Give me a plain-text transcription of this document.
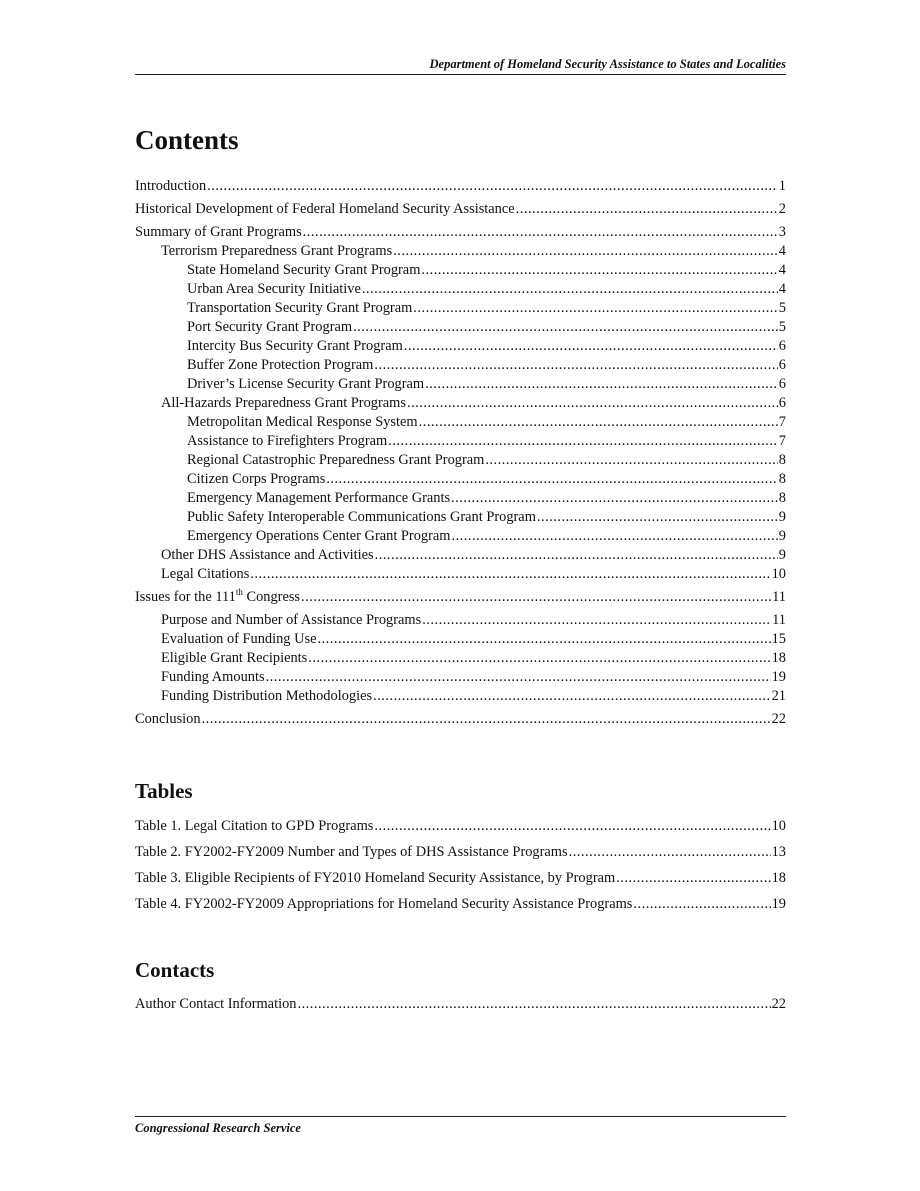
Department of Homeland Security Assistance to States and Localities
Contents
Introduction .....	1
Historical Development of Federal Homeland Security Assistance .....	2
Summary of Grant Programs .....	3
Terrorism Preparedness Grant Programs .....	4
State Homeland Security Grant Program .....	4
Urban Area Security Initiative .....	4
Transportation Security Grant Program .....	5
Port Security Grant Program .....	5
Intercity Bus Security Grant Program .....	6
Buffer Zone Protection Program .....	6
Driver’s License Security Grant Program .....	6
All-Hazards Preparedness Grant Programs .....	6
Metropolitan Medical Response System .....	7
Assistance to Firefighters Program .....	7
Regional Catastrophic Preparedness Grant Program .....	8
Citizen Corps Programs .....	8
Emergency Management Performance Grants .....	8
Public Safety Interoperable Communications Grant Program .....	9
Emergency Operations Center Grant Program .....	9
Other DHS Assistance and Activities .....	9
Legal Citations .....	10
Issues for the 111th Congress .....	11
Purpose and Number of Assistance Programs .....	11
Evaluation of Funding Use .....	15
Eligible Grant Recipients .....	18
Funding Amounts .....	19
Funding Distribution Methodologies .....	21
Conclusion .....	22
Tables
Table 1. Legal Citation to GPD Programs .....	10
Table 2. FY2002-FY2009 Number and Types of DHS Assistance Programs .....	13
Table 3. Eligible Recipients of FY2010 Homeland Security Assistance, by Program .....	18
Table 4. FY2002-FY2009 Appropriations for Homeland Security Assistance Programs .....	19
Contacts
Author Contact Information .....	22
Congressional Research Service
